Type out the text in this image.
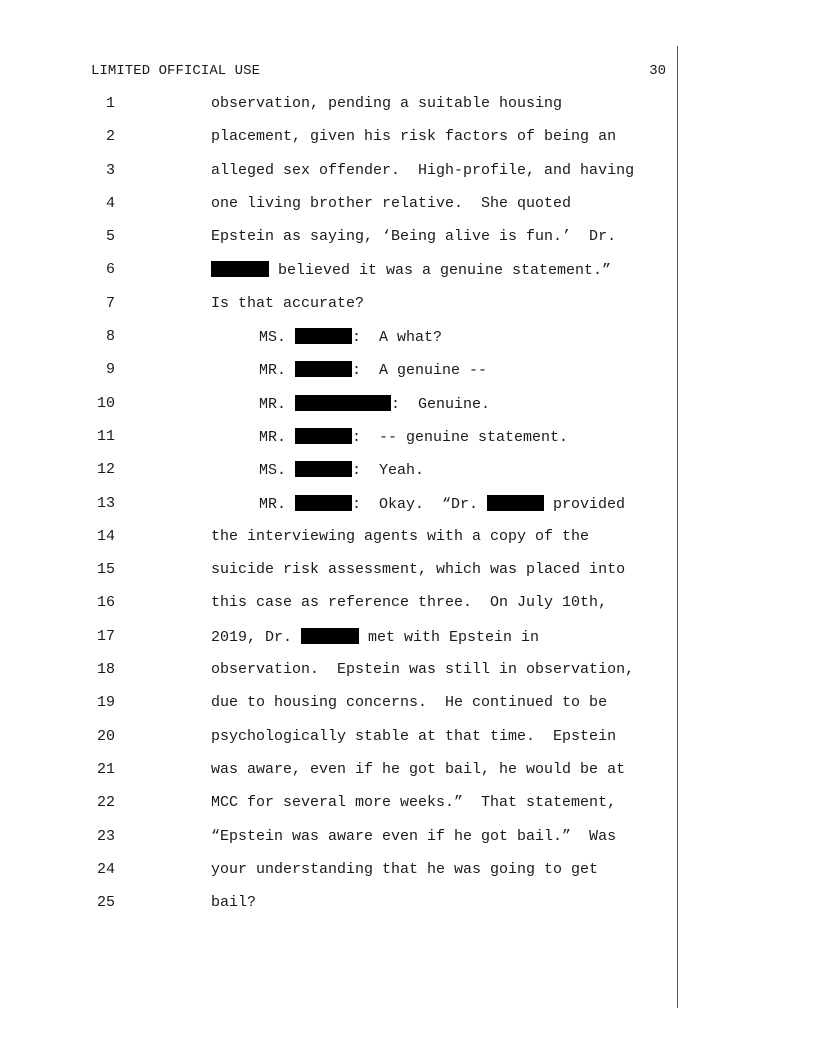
LIMITED OFFICIAL USE	30

1

	observation, pending a suitable housing

2

	placement, given his risk factors of being an

3

	alleged sex offender.  High-profile, and having

4

	one living brother relative.  She quoted

5

	Epstein as saying, ‘Being alive is fun.’  Dr.

6

	believed it was a genuine statement.”

7

	Is that accurate?

8

	MS.	:  A what?

9

	MR.	:  A genuine --

10

	MR.	:  Genuine.

11

	MR.	:  -- genuine statement.

12

	MS.	:  Yeah.

13

	MR.	:  Okay.  “Dr.	provided

14

	the interviewing agents with a copy of the

15

	suicide risk assessment, which was placed into

16

	this case as reference three.  On July 10th,

17

	2019, Dr.	met with Epstein in

18

	observation.  Epstein was still in observation,

19

	due to housing concerns.  He continued to be

20

	psychologically stable at that time.  Epstein

21

	was aware, even if he got bail, he would be at

22

	MCC for several more weeks.”  That statement,

23

	“Epstein was aware even if he got bail.”  Was

24

	your understanding that he was going to get

25

	bail?
